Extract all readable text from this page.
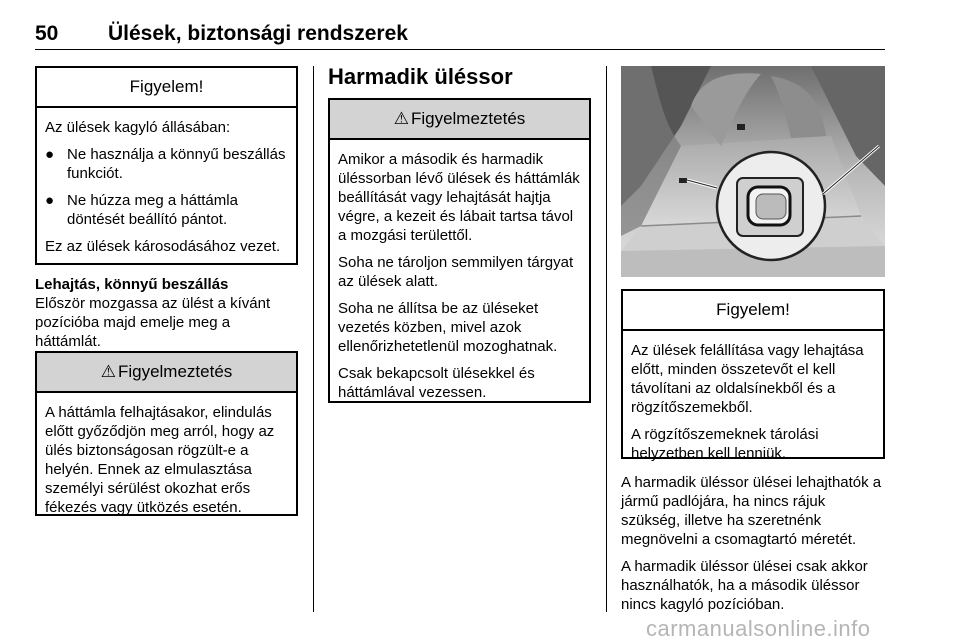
50 Ülések, biztonsági rendszerek
Figyelem!

Az ülések kagyló állásában:

● Ne használja a könnyű beszállás funkciót.
● Ne húzza meg a háttámla döntését beállító pántot.

Ez az ülések károsodásához vezet.

Lehajtás, könnyű beszállás
Először mozgassa az ülést a kívánt pozícióba majd emelje meg a háttámlát.
⚠ Figyelmeztetés

A háttámla felhajtásakor, elindulás előtt győződjön meg arról, hogy az ülés biztonságosan rögzült-e a helyén. Ennek az elmulasztása személyi sérülést okozhat erős fékezés vagy ütközés esetén.

Harmadik üléssor
⚠ Figyelmeztetés

Amikor a második és harmadik üléssorban lévő ülések és háttámlák beállítását vagy lehajtását hajtja végre, a kezeit és lábait tartsa távol a mozgási területtől.

Soha ne tároljon semmilyen tárgyat az ülések alatt.

Soha ne állítsa be az üléseket vezetés közben, mivel azok ellenőrizhetetlenül mozoghatnak.

Csak bekapcsolt ülésekkel és háttámlával vezessen.

Figyelem!

Az ülések felállítása vagy lehajtása előtt, minden összetevőt el kell távolítani az oldalsínekből és a rögzítőszemekből.

A rögzítőszemeknek tárolási helyzetben kell lenniük.

A harmadik üléssor ülései lehajthatók a jármű padlójára, ha nincs rájuk szükség, illetve ha szeretnénk megnövelni a csomagtartó méretét.

A harmadik üléssor ülései csak akkor használhatók, ha a második üléssor nincs kagyló pozícióban.

carmanualsonline.info
